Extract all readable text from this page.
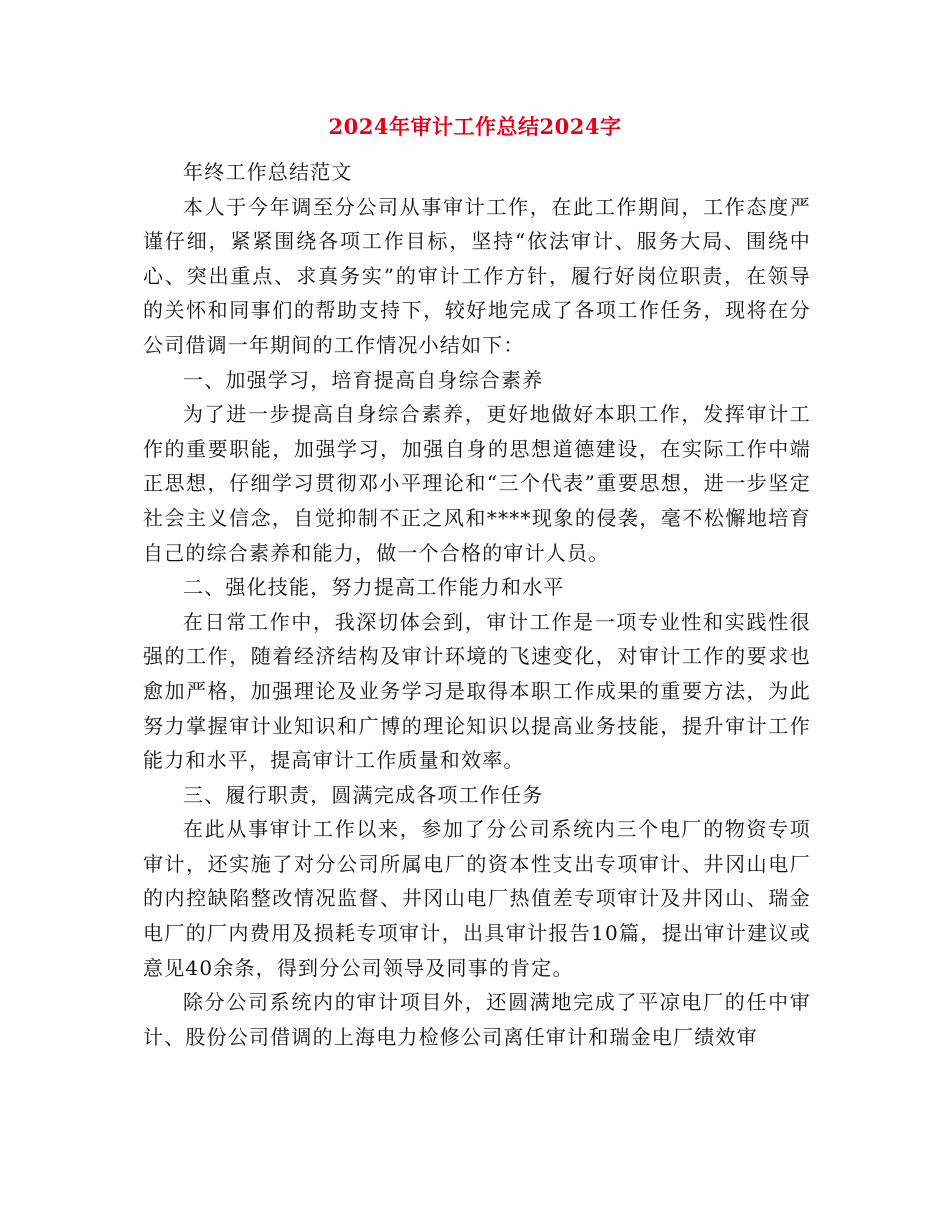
2024年审计工作总结2024字

年终工作总结范文

本人于今年调至分公司从事审计工作，在此工作期间，工作态度严谨仔细，紧紧围绕各项工作目标，坚持“依法审计、服务大局、围绕中心、突出重点、求真务实”的审计工作方针，履行好岗位职责，在领导的关怀和同事们的帮助支持下，较好地完成了各项工作任务，现将在分公司借调一年期间的工作情况小结如下：

一、加强学习，培育提高自身综合素养

为了进一步提高自身综合素养，更好地做好本职工作，发挥审计工作的重要职能，加强学习，加强自身的思想道德建设，在实际工作中端正思想，仔细学习贯彻邓小平理论和“三个代表”重要思想，进一步坚定社会主义信念，自觉抑制不正之风和****现象的侵袭，毫不松懈地培育自己的综合素养和能力，做一个合格的审计人员。

二、强化技能，努力提高工作能力和水平

在日常工作中，我深切体会到，审计工作是一项专业性和实践性很强的工作，随着经济结构及审计环境的飞速变化，对审计工作的要求也愈加严格，加强理论及业务学习是取得本职工作成果的重要方法，为此努力掌握审计业知识和广博的理论知识以提高业务技能，提升审计工作能力和水平，提高审计工作质量和效率。

三、履行职责，圆满完成各项工作任务

在此从事审计工作以来，参加了分公司系统内三个电厂的物资专项审计，还实施了对分公司所属电厂的资本性支出专项审计、井冈山电厂的内控缺陷整改情况监督、井冈山电厂热值差专项审计及井冈山、瑞金电厂的厂内费用及损耗专项审计，出具审计报告10篇，提出审计建议或意见40余条，得到分公司领导及同事的肯定。

除分公司系统内的审计项目外，还圆满地完成了平凉电厂的任中审计、股份公司借调的上海电力检修公司离任审计和瑞金电厂绩效审
